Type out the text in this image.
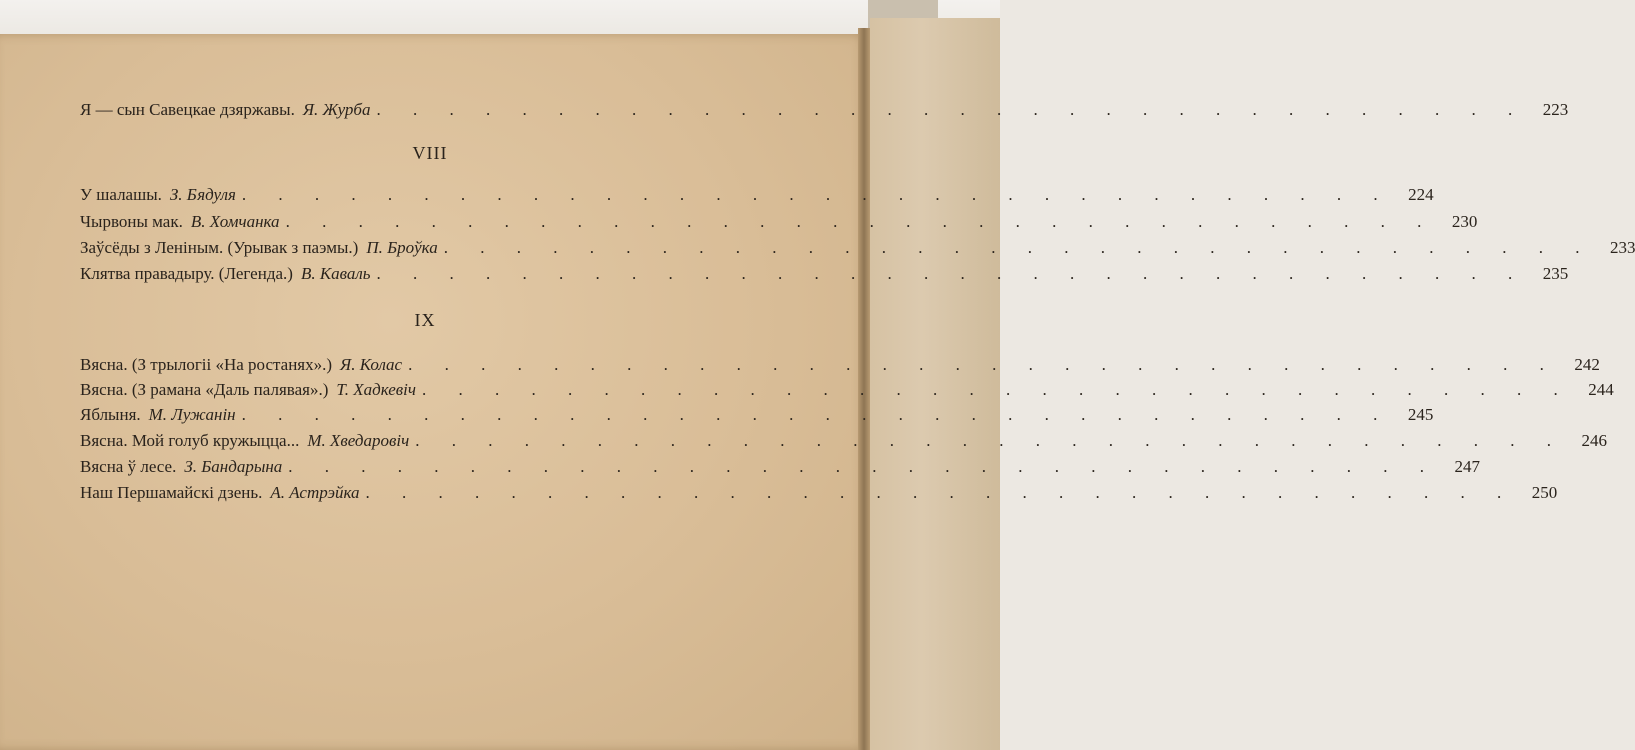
Я — сын Савецкае дзяржавы. Я. Журба . . . . . . . . . . . . . . . . . . . . . . . . . . . . . . . . 223
VIII
У шалашы. З. Бядуля . . . . . . . . . . . . . . . . . . . . . . . . . . . . . . . . 224
Чырвоны мак. В. Хомчанка . . . . . . . . . . . . . . . . . . . . . . . . . . . . . . . . 230
Заўсёды з Леніным. (Урывак з паэмы.) П. Броўка . . . . . . . . . . . . . . . . . . . . . . . . . . . . . . . . 233
Клятва правадыру. (Легенда.) В. Каваль . . . . . . . . . . . . . . . . . . . . . . . . . . . . . . . . 235
IX
Вясна. (З трылогіі «На ростанях».) Я. Колас . . . . . . . . . . . . . . . . . . . . . . . . . . . . . . . . 242
Вясна. (З рамана «Даль палявая».) Т. Хадкевіч . . . . . . . . . . . . . . . . . . . . . . . . . . . . . . . . 244
Яблыня. М. Лужанін . . . . . . . . . . . . . . . . . . . . . . . . . . . . . . . . 245
Вясна. Мой голуб кружыцца... М. Хведаровіч . . . . . . . . . . . . . . . . . . . . . . . . . . . . . . . . 246
Вясна ў лесе. З. Бандарына . . . . . . . . . . . . . . . . . . . . . . . . . . . . . . . . 247
Наш Першамайскі дзень. А. Астрэйка . . . . . . . . . . . . . . . . . . . . . . . . . . . . . . . . 250
